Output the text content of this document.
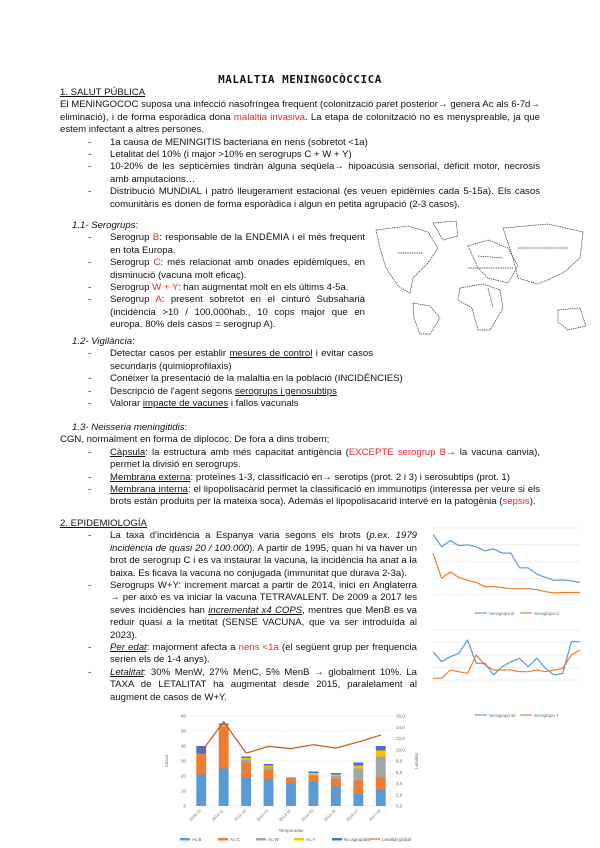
MALALTIA MENINGOCÒCCICA
1. SALUT PÚBLICA
El MENINGOCOC suposa una infecció nasofríngea frequent (colonització paret posterior→ genera Ac als 6-7d→ eliminació), i de forma esporàdica dona malaltia invasiva. La etapa de colonització no es menyspreable, ja que estem infectant a altres persones.
- 1a causa de MENINGITIS bacteriana en nens (sobretot <1a)
- Letalitat del 10% (i major >10% en serogrups C + W + Y)
- 10-20% de les septicèmies tindràn alguna seqüela→ hipoacúsia sensorial, dèficit motor, necrosis amb amputacions…
- Distribució MUNDIAL i patró lleugerament estacional (es veuen epidèmies cada 5-15a). Els casos comunitàris es donen de forma esporàdica i algun en petita agrupació (2-3 casos).
1.1- Serogrups:
- Serogrup B: responsable de la ENDÈMIA i el més frequent en tota Europa.
- Serogrup C: més relacionat amb onades epidèmiques, en disminució (vacuna molt eficaç).
- Serogrup W + Y: han augmentat molt en els últims 4-5a.
- Serogrup A: present sobretot en el cinturó Subsaharià (incidència >10 / 100.000hab., 10 cops major que en europa. 80% dels casos = serogrup A).
1.2- Vigilància:
- Detectar casos per establir mesures de control i evitar casos secundaris (quimioprofilaxis)
- Conèixer la presentació de la malaltia en la població (INCIDÈNCIES)
- Descripció de l'agent segons serogrups i genosubtips
- Valorar impacte de vacunes i fallos vacunals
1.3- Neisseria meningitidis:
CGN, normalment en forma de diplococ. De fora a dins trobem;
- Càpsula: la estructura amb més capacitat antigència (EXCEPTE serogrup B→ la vacuna canvia), permet la divisió en serogrups.
- Membrana externa: proteïnes 1-3, classificació en→ serotips (prot. 2 i 3) i serosubtips (prot. 1)
- Membrana interna: el lipopolisacàrid permet la classificació en immunotips (interessa per veure si els brots estàn produits per la mateixa soca). Además el lipopolisacarid intervé en la patogènia (sepsis).
2. EPIDEMIOLOGÍA
- La taxa d'incidència a Espanya varia segons els brots (p.ex. 1979 incidència de quasi 20 / 100.000). A partir de 1995, quan hi va haver un brot de serogrup C i es va instaurar la vacuna, la incidència ha anat a la baixa. Es ficava la vacuna no conjugada (immunitat que durava 2-3a).
- Serogrups W+Y: increment marcat a partir de 2014, inici en Anglaterra → per això es va iniciar la vacuna TETRAVALENT. De 2009 a 2017 les seves incidències han incrementat x4 COPS, mentres que MenB es va reduir quasi a la metitat (SENSE VACUNA, que va ser introduïda al 2023).
- Per edat: majorment afecta a nens <1a (el següent grup per frequencia serien els de 1-4 anys).
- Letalitat: 30% MenW, 27% MenC, 5% MenB → globalment 10%. La TAXA de LETALITAT ha augmentat desde 2015, paralelament al augment de casos de W+Y.
Serogrupo B	Serogrupo C
Serogrupo W	Serogrupo Y
0
10
20
30
40
50
60
0,0
2,0
4,0
6,0
8,0
10,0
12,0
14,0
16,0
2009-10 2010-11 2011-12 2012-13 2013-14 2014-15 2015-16 2016-17 2017-18
Casos	Letalitat
Temporadas
Ac.B	Ac.C	Ac.W	Ac.Y	No agrupable Letalitat global
